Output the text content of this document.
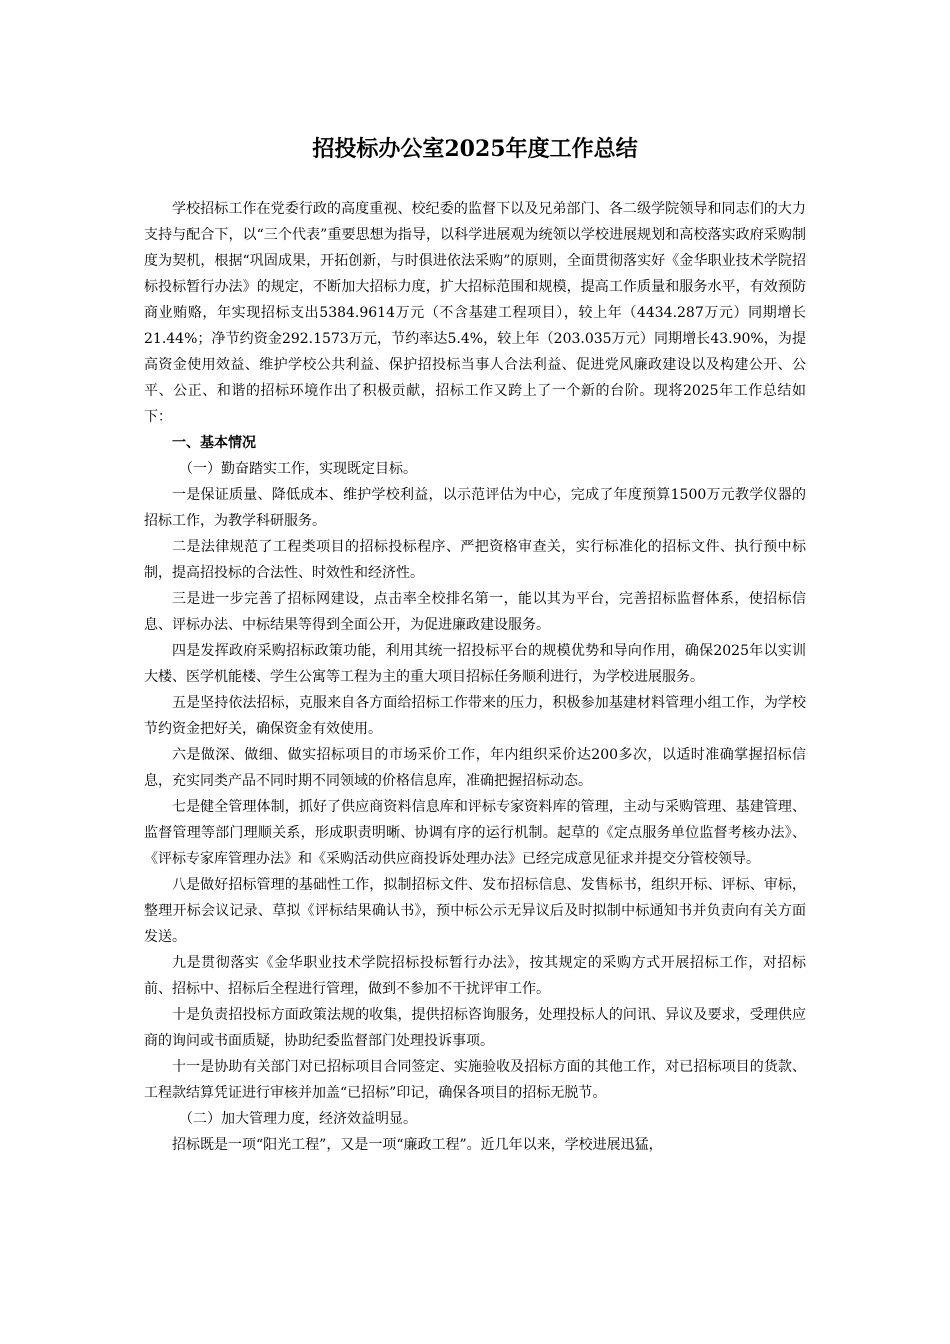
招投标办公室2025年度工作总结

学校招标工作在党委行政的高度重视、校纪委的监督下以及兄弟部门、各二级学院领导和同志们的大力支持与配合下，以“三个代表”重要思想为指导，以科学进展观为统领以学校进展规划和高校落实政府采购制度为契机，根据“巩固成果，开拓创新，与时俱进依法采购”的原则，全面贯彻落实好《金华职业技术学院招标投标暂行办法》的规定，不断加大招标力度，扩大招标范围和规模，提高工作质量和服务水平，有效预防商业贿赂，年实现招标支出5384.9614万元（不含基建工程项目），较上年（4434.287万元）同期增长21.44%；净节约资金292.1573万元，节约率达5.4%，较上年（203.035万元）同期增长43.90%，为提高资金使用效益、维护学校公共利益、保护招投标当事人合法利益、促进党风廉政建设以及构建公开、公平、公正、和谐的招标环境作出了积极贡献，招标工作又跨上了一个新的台阶。现将2025年工作总结如下：

一、基本情况

（一）勤奋踏实工作，实现既定目标。

一是保证质量、降低成本、维护学校利益，以示范评估为中心，完成了年度预算1500万元教学仪器的招标工作，为教学科研服务。

二是法律规范了工程类项目的招标投标程序、严把资格审查关，实行标准化的招标文件、执行预中标制，提高招投标的合法性、时效性和经济性。

三是进一步完善了招标网建设，点击率全校排名第一，能以其为平台，完善招标监督体系，使招标信息、评标办法、中标结果等得到全面公开，为促进廉政建设服务。

四是发挥政府采购招标政策功能，利用其统一招投标平台的规模优势和导向作用，确保2025年以实训大楼、医学机能楼、学生公寓等工程为主的重大项目招标任务顺利进行，为学校进展服务。

五是坚持依法招标，克服来自各方面给招标工作带来的压力，积极参加基建材料管理小组工作，为学校节约资金把好关，确保资金有效使用。

六是做深、做细、做实招标项目的市场采价工作，年内组织采价达200多次，以适时准确掌握招标信息，充实同类产品不同时期不同领域的价格信息库，准确把握招标动态。

七是健全管理体制，抓好了供应商资料信息库和评标专家资料库的管理，主动与采购管理、基建管理、监督管理等部门理顺关系，形成职责明晰、协调有序的运行机制。起草的《定点服务单位监督考核办法》、《评标专家库管理办法》和《采购活动供应商投诉处理办法》已经完成意见征求并提交分管校领导。

八是做好招标管理的基础性工作，拟制招标文件、发布招标信息、发售标书，组织开标、评标、审标，整理开标会议记录、草拟《评标结果确认书》，预中标公示无异议后及时拟制中标通知书并负责向有关方面发送。

九是贯彻落实《金华职业技术学院招标投标暂行办法》，按其规定的采购方式开展招标工作，对招标前、招标中、招标后全程进行管理，做到不参加不干扰评审工作。

十是负责招投标方面政策法规的收集，提供招标咨询服务，处理投标人的问讯、异议及要求，受理供应商的询问或书面质疑，协助纪委监督部门处理投诉事项。

十一是协助有关部门对已招标项目合同签定、实施验收及招标方面的其他工作，对已招标项目的货款、工程款结算凭证进行审核并加盖“已招标”印记，确保各项目的招标无脱节。

（二）加大管理力度，经济效益明显。

招标既是一项“阳光工程”，又是一项“廉政工程”。近几年以来，学校进展迅猛，
